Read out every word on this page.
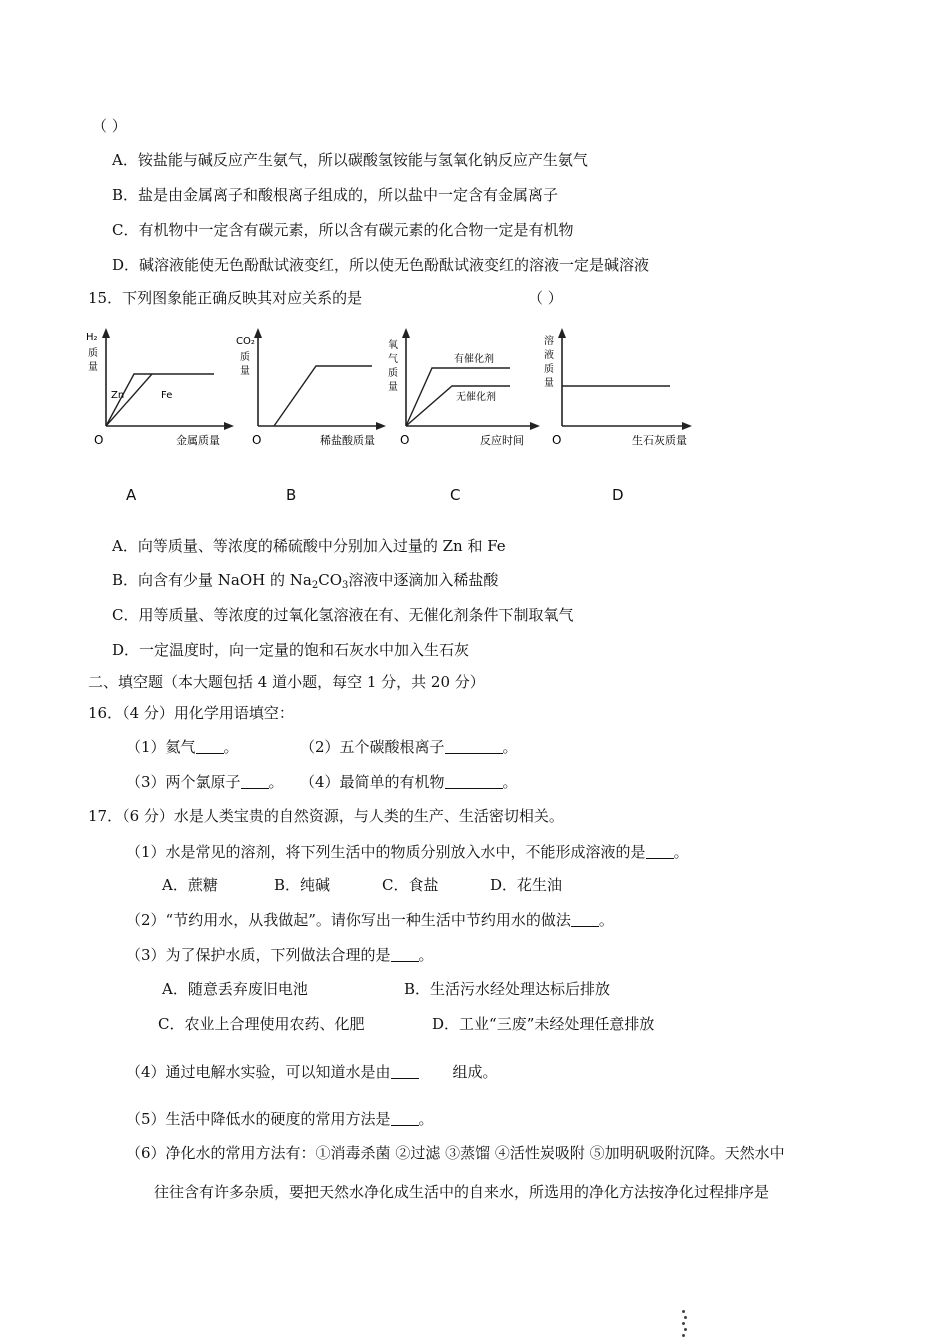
（ ）
A．铵盐能与碱反应产生氨气，所以碳酸氢铵能与氢氧化钠反应产生氨气
B．盐是由金属离子和酸根离子组成的，所以盐中一定含有金属离子
C．有机物中一定含有碳元素，所以含有碳元素的化合物一定是有机物
D．碱溶液能使无色酚酞试液变红，所以使无色酚酞试液变红的溶液一定是碱溶液
15．下列图象能正确反映其对应关系的是	（ ）
H₂
质
量
Zn	Fe
O	金属质量
A
CO₂
质
量
O	稀盐酸质量
B
氧
气
质
量
有催化剂
无催化剂
O	反应时间
C
溶
液
质
量
O	生石灰质量
D
A．向等质量、等浓度的稀硫酸中分别加入过量的 Zn 和 Fe
B．向含有少量 NaOH 的 $Na_2CO_3$溶液中逐滴加入稀盐酸
C．用等质量、等浓度的过氧化氢溶液在有、无催化剂条件下制取氧气
D．一定温度时，向一定量的饱和石灰水中加入生石灰
二、填空题（本大题包括 4 道小题，每空 1 分，共 20 分）
16．（4 分）用化学用语填空：
（1）氦气 。	（2）五个碳酸根离子	。
（3）两个氯原子 。 （4）最简单的有机物	。
17．（6 分）水是人类宝贵的自然资源，与人类的生产、生活密切相关。
（1）水是常见的溶剂，将下列生活中的物质分别放入水中，不能形成溶液的是 。
A．蔗糖	B．纯碱	C．食盐	D．花生油
（2）“节约用水，从我做起”。请你写出一种生活中节约用水的做法 。
（3）为了保护水质，下列做法合理的是 。
A．随意丢弃废旧电池	B．生活污水经处理达标后排放
C．农业上合理使用农药、化肥	D．工业“三废”未经处理任意排放
（4）通过电解水实验，可以知道水是由	组成。
（5）生活中降低水的硬度的常用方法是 。
（6）净化水的常用方法有：①消毒杀菌 ②过滤 ③蒸馏 ④活性炭吸附 ⑤加明矾吸附沉降。天然水中
往往含有许多杂质，要把天然水净化成生活中的自来水，所选用的净化方法按净化过程排序是
